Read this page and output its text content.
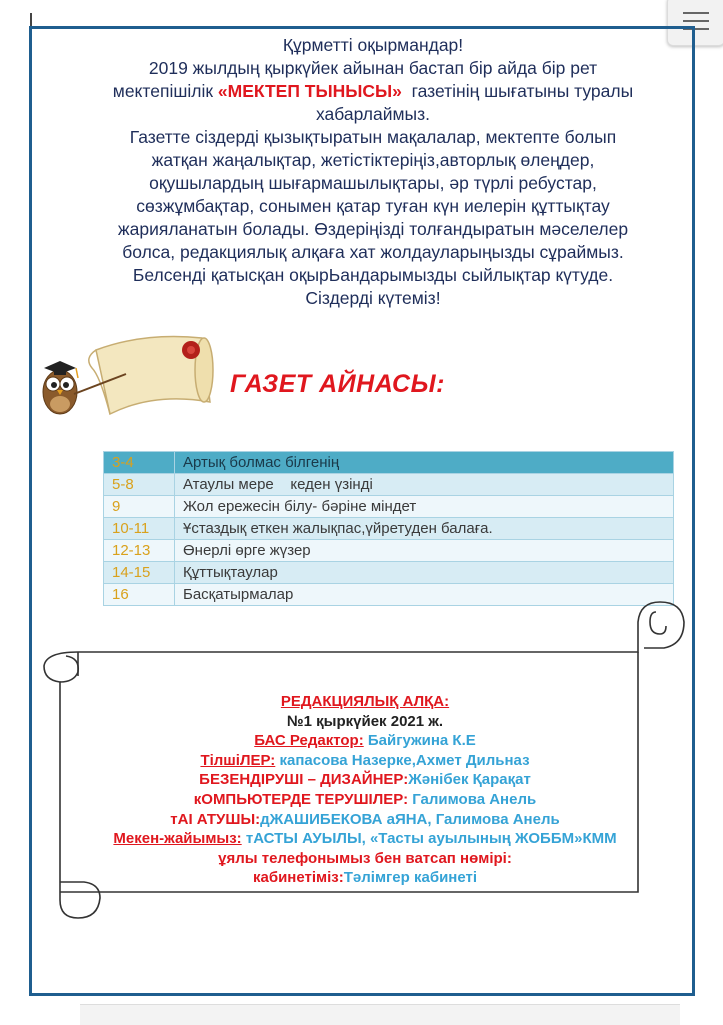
Құрметті оқырмандар!
2019 жылдың қыркүйек айынан бастап бір айда бір рет
мектепішілік «МЕКТЕП ТЫНЫСЫ» газетінің шығатыны туралы
хабарлаймыз.
Газетте сіздерді қызықтыратын мақалалар, мектепте болып
жатқан жаңалықтар, жетістіктеріңіз,авторлық өлеңдер,
оқушылардың шығармашылықтары, әр түрлі ребустар,
сөзжұмбақтар, сонымен қатар туған күн иелерін құттықтау
жарияланатын болады. Өздеріңізді толғандыратын мәселелер
болса, редакциялық алқаға хат жолдауларыңызды сұраймыз.
Белсенді қатысқан оқырЬандарымызды сыйлықтар күтуде.
Сіздерді күтеміз!
ГАЗЕТ АЙНАСЫ:
3-4	Артық болмас білгенің
5-8	Атаулы мере    кеден үзінді
9	Жол ережесін білу- бәріне міндет
10-11	Ұстаздық еткен жалықпас,үйретуден балаға.
12-13	Өнерлі өрге жүзер
14-15	Құттықтаулар
16	Басқатырмалар
РЕДАКЦИЯЛЫҚ АЛҚА:
№1 қыркүйек 2021 ж.
БАС Редактор: Байгужина К.Е
ТілшіЛЕР: капасова Назерке,Ахмет Дильназ
БЕЗЕНДІРУШІ – ДИЗАЙНЕР:Жәнібек Қарақат
кОМПЬЮТЕРДЕ ТЕРУШІЛЕР: Галимова Анель
тАІ АТУШЫ:дЖАШИБЕКОВА аЯНА, Галимова Анель
Мекен-жайымыз: тАСТЫ АУЫЛЫ, «Тасты ауылының ЖОББМ»КММ
ұялы телефонымыз бен ватсап нөмірі:
кабинетіміз:Тәлімгер кабинеті
